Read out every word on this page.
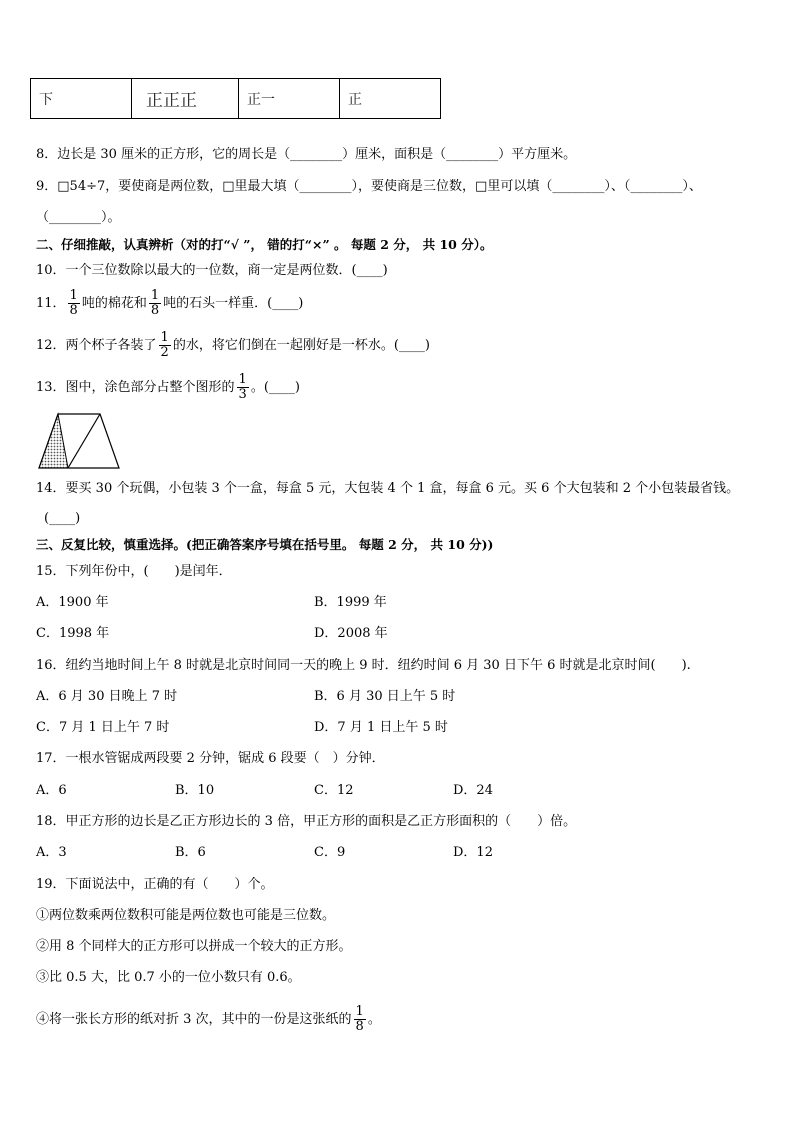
下	正正正	正一	正
8．边长是 30 厘米的正方形，它的周长是（________）厘米，面积是（________）平方厘米。
9．□54÷7，要使商是两位数，□里最大填（________），要使商是三位数，□里可以填（________）、（________）、
（________）。
二、仔细推敲，认真辨析（对的打“√ ”， 错的打“×” 。 每题 2 分， 共 10 分）。
10．一个三位数除以最大的一位数，商一定是两位数．(____)
11． $\frac{1}{8}$ 吨的棉花和 $\frac{1}{8}$ 吨的石头一样重．(____)
12．两个杯子各装了 $\frac{1}{2}$ 的水，将它们倒在一起刚好是一杯水。(____)
13．图中，涂色部分占整个图形的 $\frac{1}{3}$ 。(____)
14．要买 30 个玩偶，小包装 3 个一盒，每盒 5 元，大包装 4 个 1 盒，每盒 6 元。买 6 个大包装和 2 个小包装最省钱。
(____)
三、反复比较，慎重选择。(把正确答案序号填在括号里。 每题 2 分， 共 10 分))
15．下列年份中，(　　)是闰年．
A．1900 年	B．1999 年
C．1998 年	D．2008 年
16．纽约当地时间上午 8 时就是北京时间同一天的晚上 9 时．纽约时间 6 月 30 日下午 6 时就是北京时间(　　).
A．6 月 30 日晚上 7 时	B．6 月 30 日上午 5 时
C．7 月 1 日上午 7 时	D．7 月 1 日上午 5 时
17．一根水管锯成两段要 2 分钟，锯成 6 段要（　）分钟．
A．6	B．10	C．12	D．24
18．甲正方形的边长是乙正方形边长的 3 倍，甲正方形的面积是乙正方形面积的（　　）倍。
A．3	B．6	C．9	D．12
19．下面说法中，正确的有（　　）个。
①两位数乘两位数积可能是两位数也可能是三位数。
②用 8 个同样大的正方形可以拼成一个较大的正方形。
③比 0.5 大，比 0.7 小的一位小数只有 0.6。
④将一张长方形的纸对折 3 次，其中的一份是这张纸的 $\frac{1}{8}$ 。
